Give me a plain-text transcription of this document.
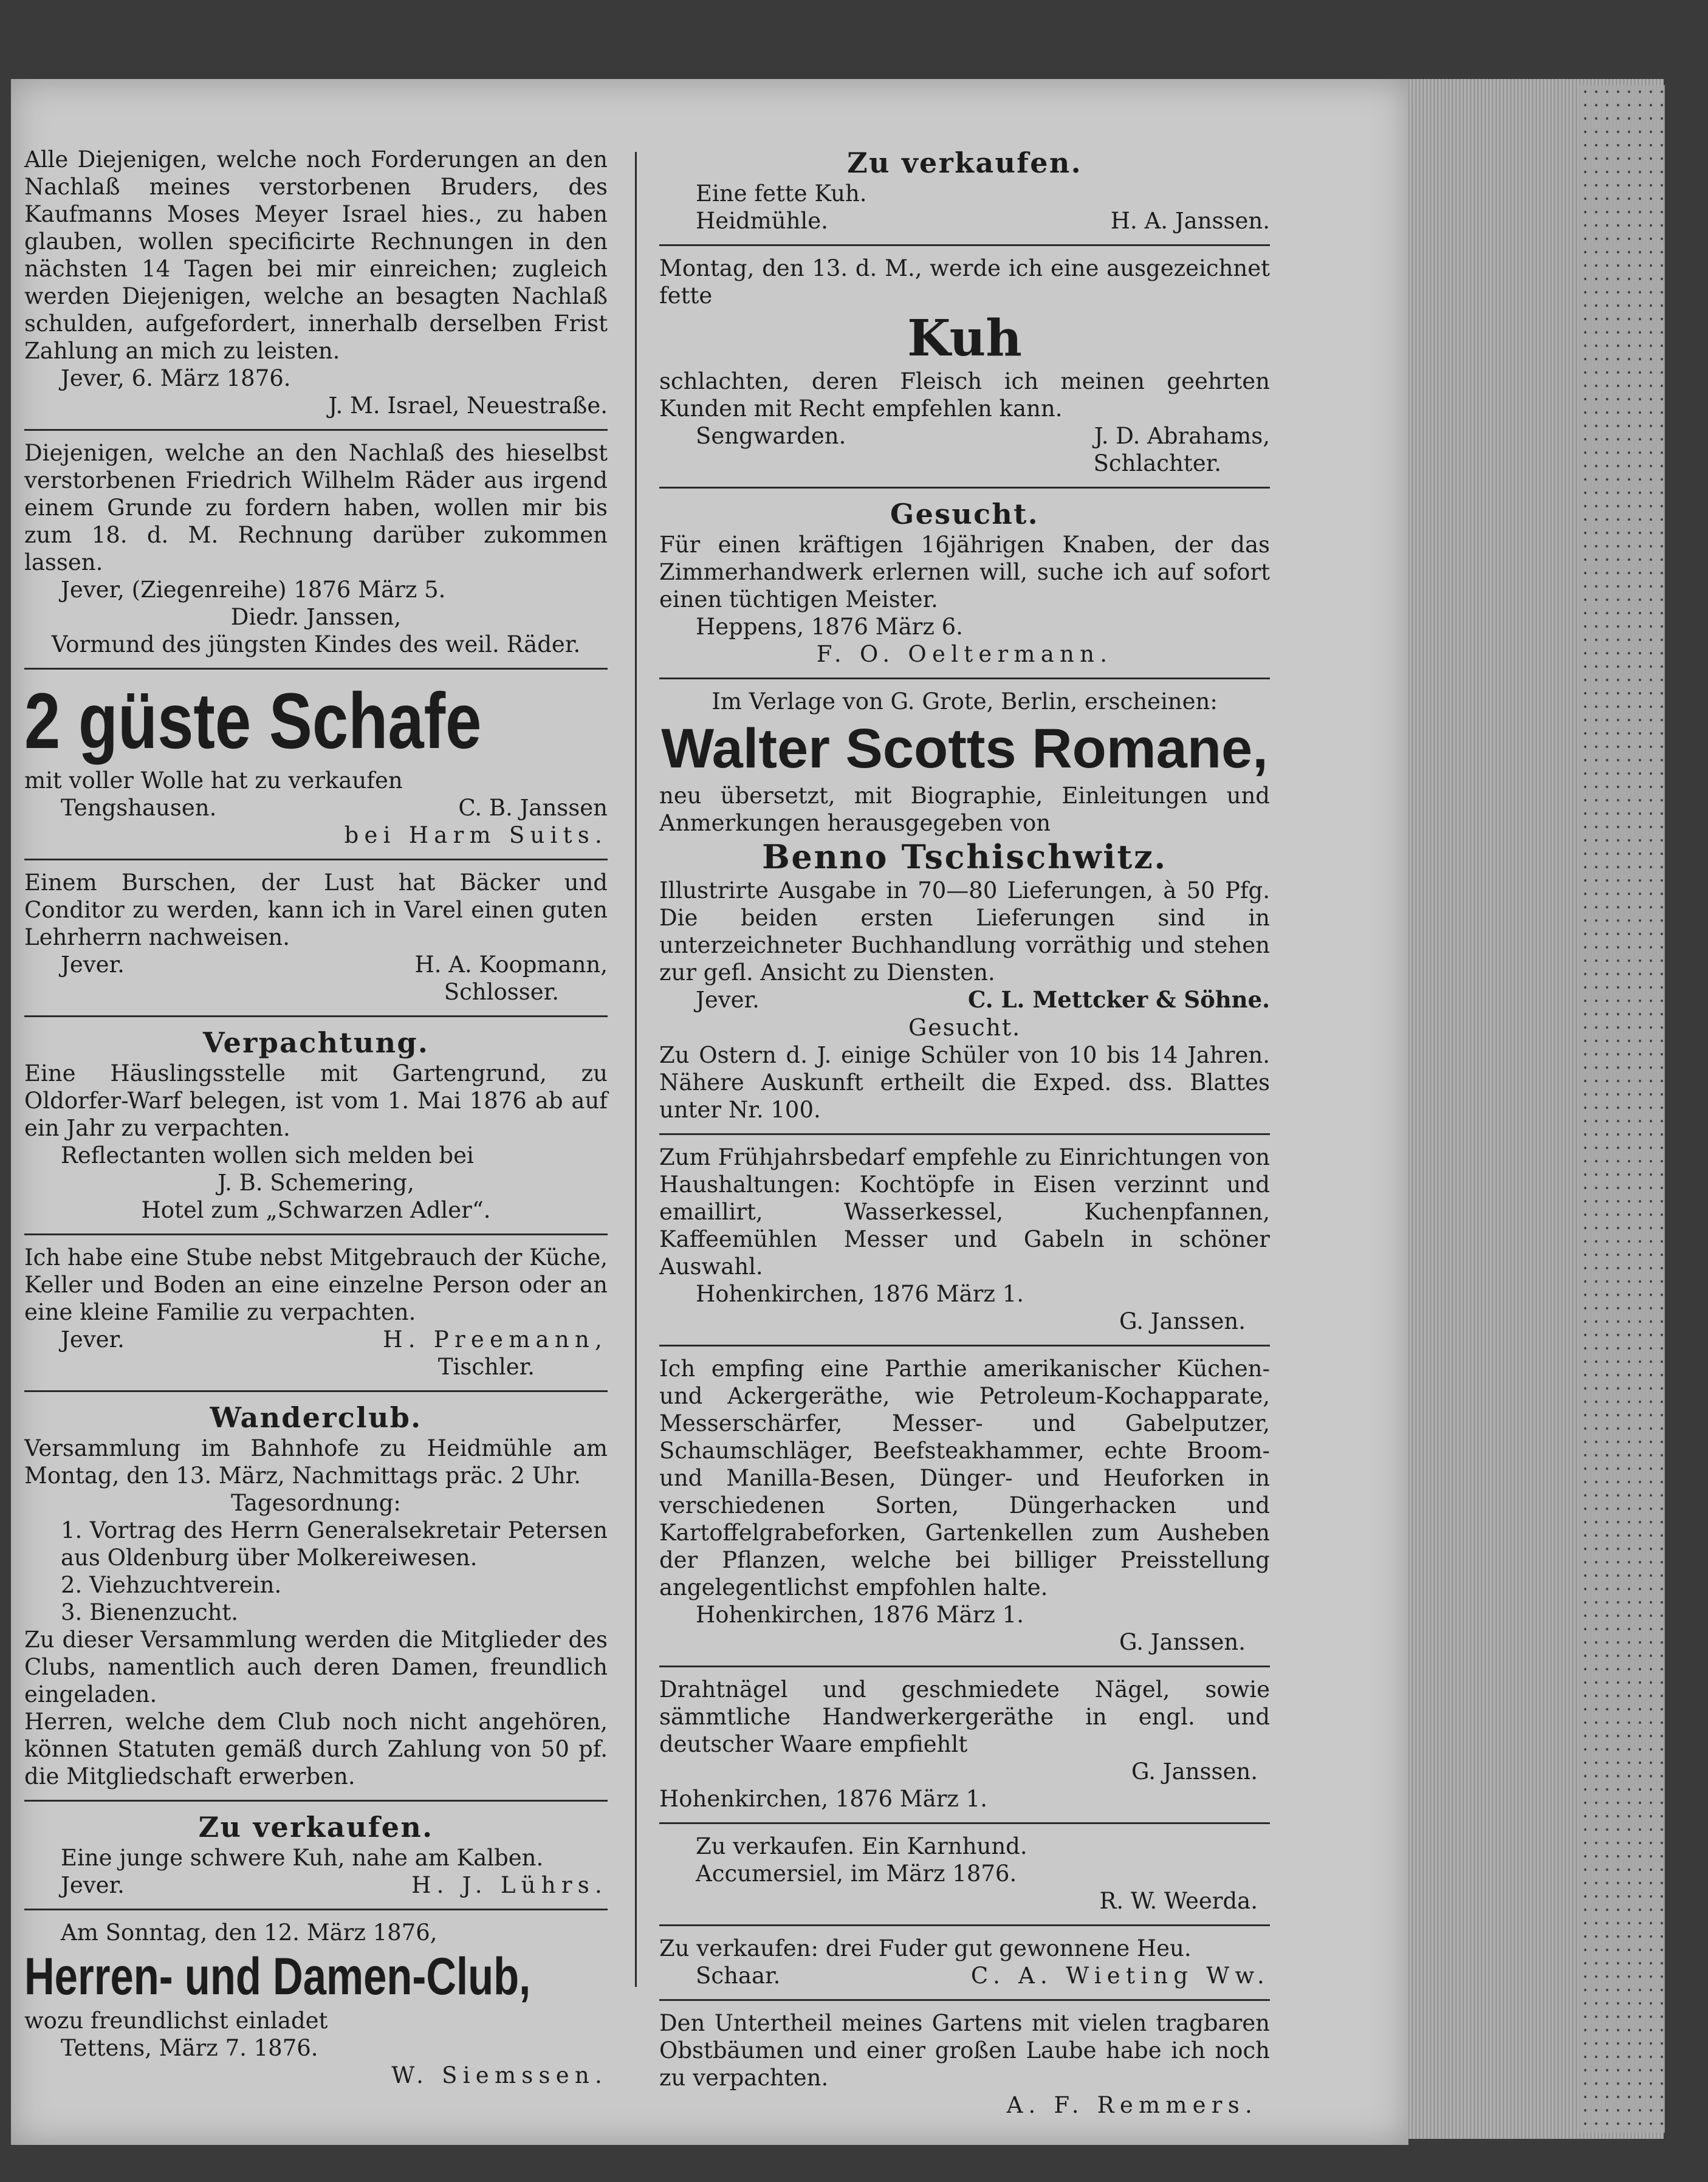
Alle Diejenigen, welche noch Forderungen an den Nachlaß meines verstorbenen Bruders, des Kaufmanns Moses Meyer Israel hies., zu haben glauben, wollen specificirte Rechnungen in den nächsten 14 Tagen bei mir einreichen; zugleich werden Diejenigen, welche an besagten Nachlaß schulden, aufgefordert, innerhalb derselben Frist Zahlung an mich zu leisten.

Jever, 6. März 1876.

J. M. Israel, Neuestraße.

Diejenigen, welche an den Nachlaß des hieselbst verstorbenen Friedrich Wilhelm Räder aus irgend einem Grunde zu fordern haben, wollen mir bis zum 18. d. M. Rechnung darüber zukommen lassen.

Jever, (Ziegenreihe) 1876 März 5.

Diedr. Janssen,

Vormund des jüngsten Kindes des weil. Räder.

2 güste Schafe

mit voller Wolle hat zu verkaufen

Tengshausen.	C. B. Janssen

bei Harm Suits.

Einem Burschen, der Lust hat Bäcker und Conditor zu werden, kann ich in Varel einen guten Lehrherrn nachweisen.

Jever.	H. A. Koopmann,

Schlosser.

Verpachtung.

Eine Häuslingsstelle mit Gartengrund, zu Oldorfer-Warf belegen, ist vom 1. Mai 1876 ab auf ein Jahr zu verpachten.

Reflectanten wollen sich melden bei

J. B. Schemering,

Hotel zum „Schwarzen Adler“.

Ich habe eine Stube nebst Mitgebrauch der Küche, Keller und Boden an eine einzelne Person oder an eine kleine Familie zu verpachten.

Jever.	H. Preemann,

Tischler.

Wanderclub.

Versammlung im Bahnhofe zu Heidmühle am Montag, den 13. März, Nachmittags präc. 2 Uhr.

Tagesordnung:

1. Vortrag des Herrn Generalsekretair Petersen aus Oldenburg über Molkereiwesen.

2. Viehzuchtverein.

3. Bienenzucht.

Zu dieser Versammlung werden die Mitglieder des Clubs, namentlich auch deren Damen, freundlich eingeladen.

Herren, welche dem Club noch nicht angehören, können Statuten gemäß durch Zahlung von 50 pf. die Mitgliedschaft erwerben.

Zu verkaufen.

Eine junge schwere Kuh, nahe am Kalben.

Jever.	H. J. Lührs.

Am Sonntag, den 12. März 1876,

Herren- und Damen-Club,

wozu freundlichst einladet

Tettens, März 7. 1876.

W. Siemssen.

Zu verkaufen.

Eine fette Kuh.

Heidmühle.	H. A. Janssen.

Montag, den 13. d. M., werde ich eine ausgezeichnet fette

Kuh

schlachten, deren Fleisch ich meinen geehrten Kunden mit Recht empfehlen kann.

Sengwarden.	J. D. Abrahams,

Schlachter.

Gesucht.

Für einen kräftigen 16jährigen Knaben, der das Zimmerhandwerk erlernen will, suche ich auf sofort einen tüchtigen Meister.

Heppens, 1876 März 6.

F. O. Oeltermann.

Im Verlage von G. Grote, Berlin, erscheinen:

Walter Scotts Romane,

neu übersetzt, mit Biographie, Einleitungen und Anmerkungen herausgegeben von

Benno Tschischwitz.

Illustrirte Ausgabe in 70—80 Lieferungen, à 50 Pfg. Die beiden ersten Lieferungen sind in unterzeichneter Buchhandlung vorräthig und stehen zur gefl. Ansicht zu Diensten.

Jever.	C. L. Mettcker & Söhne.
Gesucht.

Zu Ostern d. J. einige Schüler von 10 bis 14 Jahren. Nähere Auskunft ertheilt die Exped. dss. Blattes unter Nr. 100.

Zum Frühjahrsbedarf empfehle zu Einrichtungen von Haushaltungen: Kochtöpfe in Eisen verzinnt und emaillirt, Wasserkessel, Kuchenpfannen, Kaffeemühlen Messer und Gabeln in schöner Auswahl.

Hohenkirchen, 1876 März 1.

G. Janssen.

Ich empfing eine Parthie amerikanischer Küchen- und Ackergeräthe, wie Petroleum-Kochapparate, Messerschärfer, Messer- und Gabelputzer, Schaumschläger, Beefsteakhammer, echte Broom- und Manilla-Besen, Dünger- und Heuforken in verschiedenen Sorten, Düngerhacken und Kartoffelgrabeforken, Gartenkellen zum Ausheben der Pflanzen, welche bei billiger Preisstellung angelegentlichst empfohlen halte.

Hohenkirchen, 1876 März 1.

G. Janssen.

Drahtnägel und geschmiedete Nägel, sowie sämmtliche Handwerkergeräthe in engl. und deutscher Waare empfiehlt

G. Janssen.

Hohenkirchen, 1876 März 1.

Zu verkaufen. Ein Karnhund.

Accumersiel, im März 1876.

R. W. Weerda.

Zu verkaufen: drei Fuder gut gewonnene Heu.

Schaar.	C. A. Wieting Ww.

Den Untertheil meines Gartens mit vielen tragbaren Obstbäumen und einer großen Laube habe ich noch zu verpachten.

A. F. Remmers.
